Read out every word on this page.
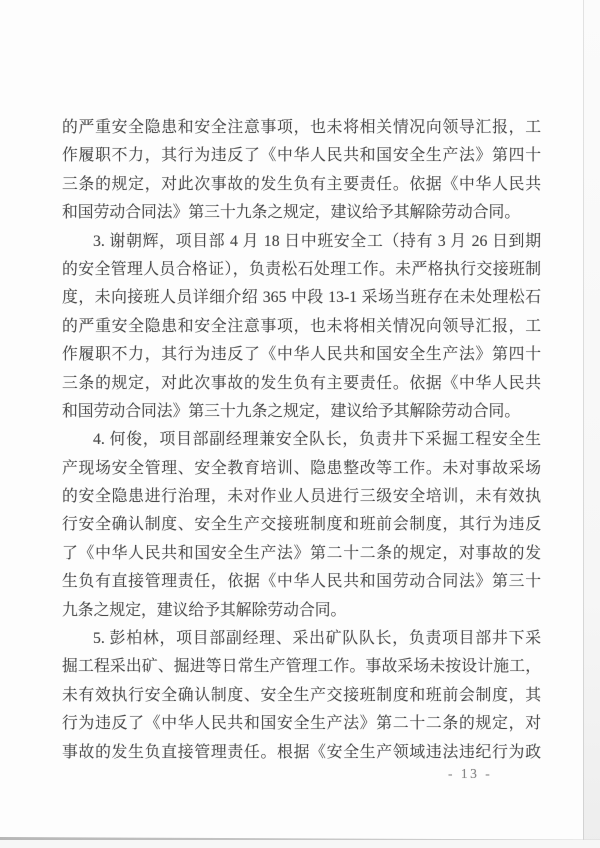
的严重安全隐患和安全注意事项，也未将相关情况向领导汇报，工
作履职不力，其行为违反了《中华人民共和国安全生产法》第四十
三条的规定，对此次事故的发生负有主要责任。依据《中华人民共
和国劳动合同法》第三十九条之规定，建议给予其解除劳动合同。
3. 谢朝辉，项目部 4 月 18 日中班安全工（持有 3 月 26 日到期
的安全管理人员合格证），负责松石处理工作。未严格执行交接班制
度，未向接班人员详细介绍 365 中段 13-1 采场当班存在未处理松石
的严重安全隐患和安全注意事项，也未将相关情况向领导汇报，工
作履职不力，其行为违反了《中华人民共和国安全生产法》第四十
三条的规定，对此次事故的发生负有主要责任。依据《中华人民共
和国劳动合同法》第三十九条之规定，建议给予其解除劳动合同。
4. 何俊，项目部副经理兼安全队长，负责井下采掘工程安全生
产现场安全管理、安全教育培训、隐患整改等工作。未对事故采场
的安全隐患进行治理，未对作业人员进行三级安全培训，未有效执
行安全确认制度、安全生产交接班制度和班前会制度，其行为违反
了《中华人民共和国安全生产法》第二十二条的规定，对事故的发
生负有直接管理责任，依据《中华人民共和国劳动合同法》第三十
九条之规定，建议给予其解除劳动合同。
5. 彭柏林，项目部副经理、采出矿队队长，负责项目部井下采
掘工程采出矿、掘进等日常生产管理工作。事故采场未按设计施工，
未有效执行安全确认制度、安全生产交接班制度和班前会制度，其
行为违反了《中华人民共和国安全生产法》第二十二条的规定，对
事故的发生负直接管理责任。根据《安全生产领域违法违纪行为政
- 13 -
